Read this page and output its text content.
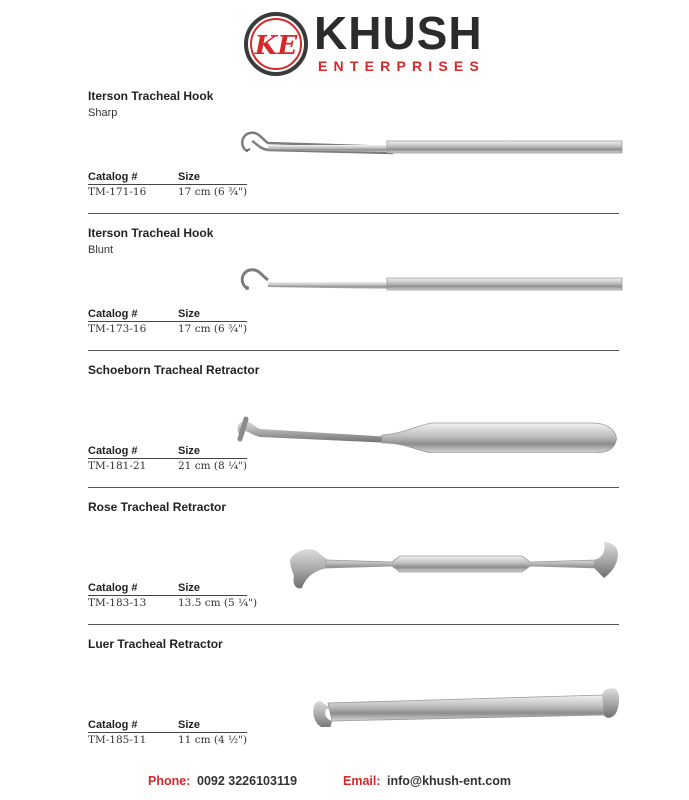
KE KHUSH
ENTERPRISES
Iterson Tracheal Hook
Sharp
Catalog #	Size
TM-171-16	17 cm (6 ¾")
Iterson Tracheal Hook
Blunt
Catalog #	Size
TM-173-16	17 cm (6 ¾")
Schoeborn Tracheal Retractor
Catalog #	Size
TM-181-21	21 cm (8 ¼")
Rose Tracheal Retractor
Catalog #	Size
TM-183-13	13.5 cm (5 ¼")
Luer Tracheal Retractor
Catalog #	Size
TM-185-11	11 cm (4 ½")
Phone: 0092 3226103119	Email: info@khush-ent.com
